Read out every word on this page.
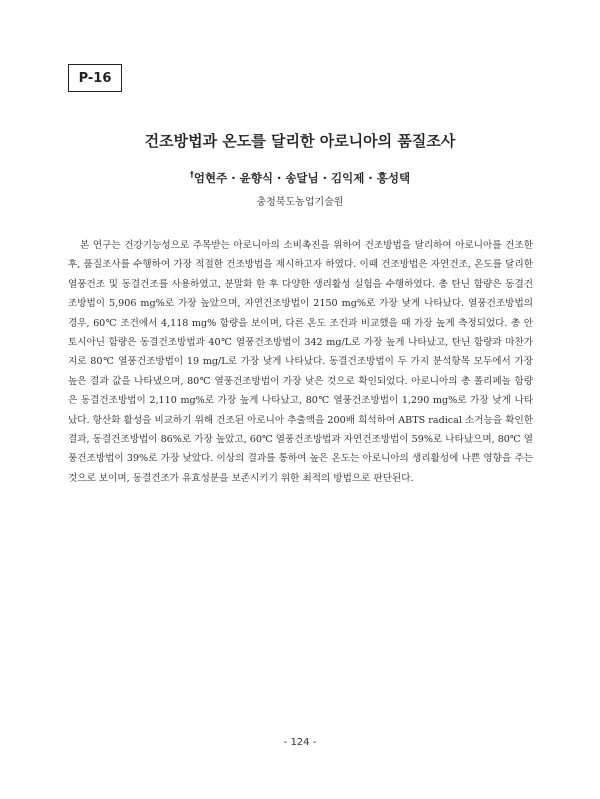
P-16
건조방법과 온도를 달리한 아로니아의 품질조사
†엄현주 · 윤향식 · 송달님 · 김익제 · 홍성택
충청북도농업기술원

본 연구는 건강기능성으로 주목받는 아로니아의 소비촉진을 위하여 건조방법을 달리하여 아로니아를 건조한 후, 품질조사를 수행하여 가장 적절한 건조방법을 제시하고자 하였다. 이때 건조방법은 자연건조, 온도를 달리한 열풍건조 및 동결건조를 사용하였고, 분말화 한 후 다양한 생리활성 실험을 수행하였다. 총 탄닌 함량은 동결건조방법이 5,906 mg%로 가장 높았으며, 자연건조방법이 2150 mg%로 가장 낮게 나타났다. 열풍건조방법의 경우, 60℃ 조건에서 4,118 mg% 함량을 보이며, 다른 온도 조건과 비교했을 때 가장 높게 측정되었다. 총 안토시아닌 함량은 동결건조방법과 40℃ 열풍건조방법이 342 mg/L로 가장 높게 나타났고, 탄닌 함량과 마찬가지로 80℃ 열풍건조방법이 19 mg/L로 가장 낮게 나타났다. 동결건조방법이 두 가지 분석항목 모두에서 가장 높은 결과 값을 나타냈으며, 80℃ 열풍건조방법이 가장 낮은 것으로 확인되었다. 아로니아의 총 폴리페놀 함량은 동결건조방법이 2,110 mg%로 가장 높게 나타났고, 80℃ 열풍건조방법이 1,290 mg%로 가장 낮게 나타났다. 항산화 활성을 비교하기 위해 건조된 아로니아 추출액을 200배 희석하여 ABTS radical 소거능을 확인한 결과, 동결건조방법이 86%로 가장 높았고, 60℃ 열풍건조방법과 자연건조방법이 59%로 나타났으며, 80℃ 열풍건조방법이 39%로 가장 낮았다. 이상의 결과를 통하여 높은 온도는 아로니아의 생리활성에 나쁜 영향을 주는 것으로 보이며, 동결건조가 유효성분을 보존시키기 위한 최적의 방법으로 판단된다.

- 124 -
